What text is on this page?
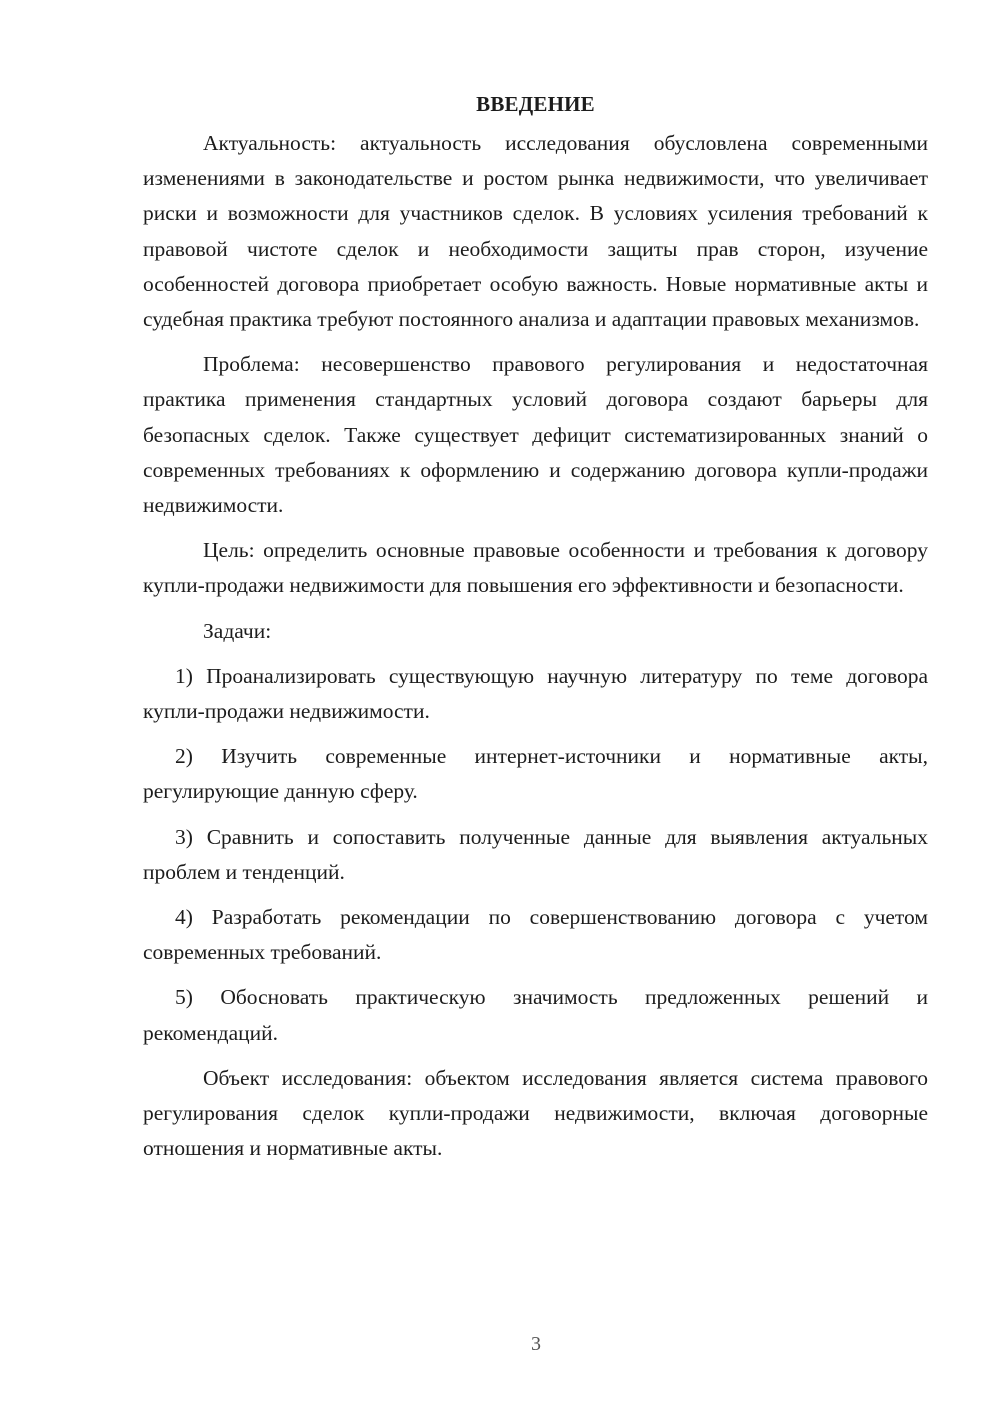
ВВЕДЕНИЕ

Актуальность: актуальность исследования обусловлена современными изменениями в законодательстве и ростом рынка недвижимости, что увеличивает риски и возможности для участников сделок. В условиях усиления требований к правовой чистоте сделок и необходимости защиты прав сторон, изучение особенностей договора приобретает особую важность. Новые нормативные акты и судебная практика требуют постоянного анализа и адаптации правовых механизмов.

Проблема: несовершенство правового регулирования и недостаточная практика применения стандартных условий договора создают барьеры для безопасных сделок. Также существует дефицит систематизированных знаний о современных требованиях к оформлению и содержанию договора купли-продажи недвижимости.

Цель: определить основные правовые особенности и требования к договору купли-продажи недвижимости для повышения его эффективности и безопасности.

Задачи:

1) Проанализировать существующую научную литературу по теме договора купли-продажи недвижимости.

2) Изучить современные интернет-источники и нормативные акты, регулирующие данную сферу.

3) Сравнить и сопоставить полученные данные для выявления актуальных проблем и тенденций.

4) Разработать рекомендации по совершенствованию договора с учетом современных требований.

5) Обосновать практическую значимость предложенных решений и рекомендаций.

Объект исследования: объектом исследования является система правового регулирования сделок купли-продажи недвижимости, включая договорные отношения и нормативные акты.

3
